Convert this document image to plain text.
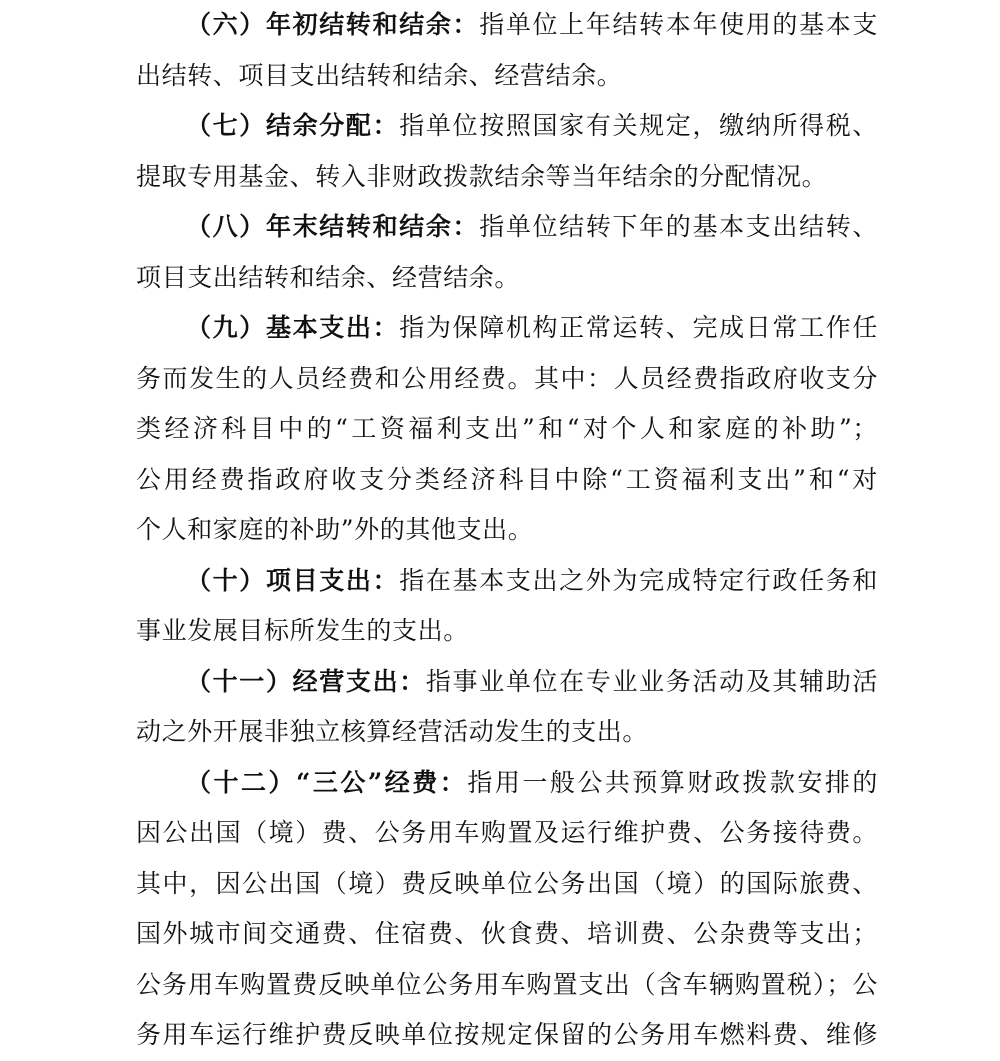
（六）年初结转和结余：指单位上年结转本年使用的基本支
出结转、项目支出结转和结余、经营结余。

（七）结余分配：指单位按照国家有关规定，缴纳所得税、
提取专用基金、转入非财政拨款结余等当年结余的分配情况。

（八）年末结转和结余：指单位结转下年的基本支出结转、
项目支出结转和结余、经营结余。

（九）基本支出：指为保障机构正常运转、完成日常工作任
务而发生的人员经费和公用经费。其中：人员经费指政府收支分
类经济科目中的“工资福利支出”和“对个人和家庭的补助”；
公用经费指政府收支分类经济科目中除“工资福利支出”和“对
个人和家庭的补助”外的其他支出。

（十）项目支出：指在基本支出之外为完成特定行政任务和
事业发展目标所发生的支出。

（十一）经营支出：指事业单位在专业业务活动及其辅助活
动之外开展非独立核算经营活动发生的支出。

（十二）“三公”经费：指用一般公共预算财政拨款安排的
因公出国（境）费、公务用车购置及运行维护费、公务接待费。
其中，因公出国（境）费反映单位公务出国（境）的国际旅费、
国外城市间交通费、住宿费、伙食费、培训费、公杂费等支出；
公务用车购置费反映单位公务用车购置支出（含车辆购置税）；公
务用车运行维护费反映单位按规定保留的公务用车燃料费、维修
